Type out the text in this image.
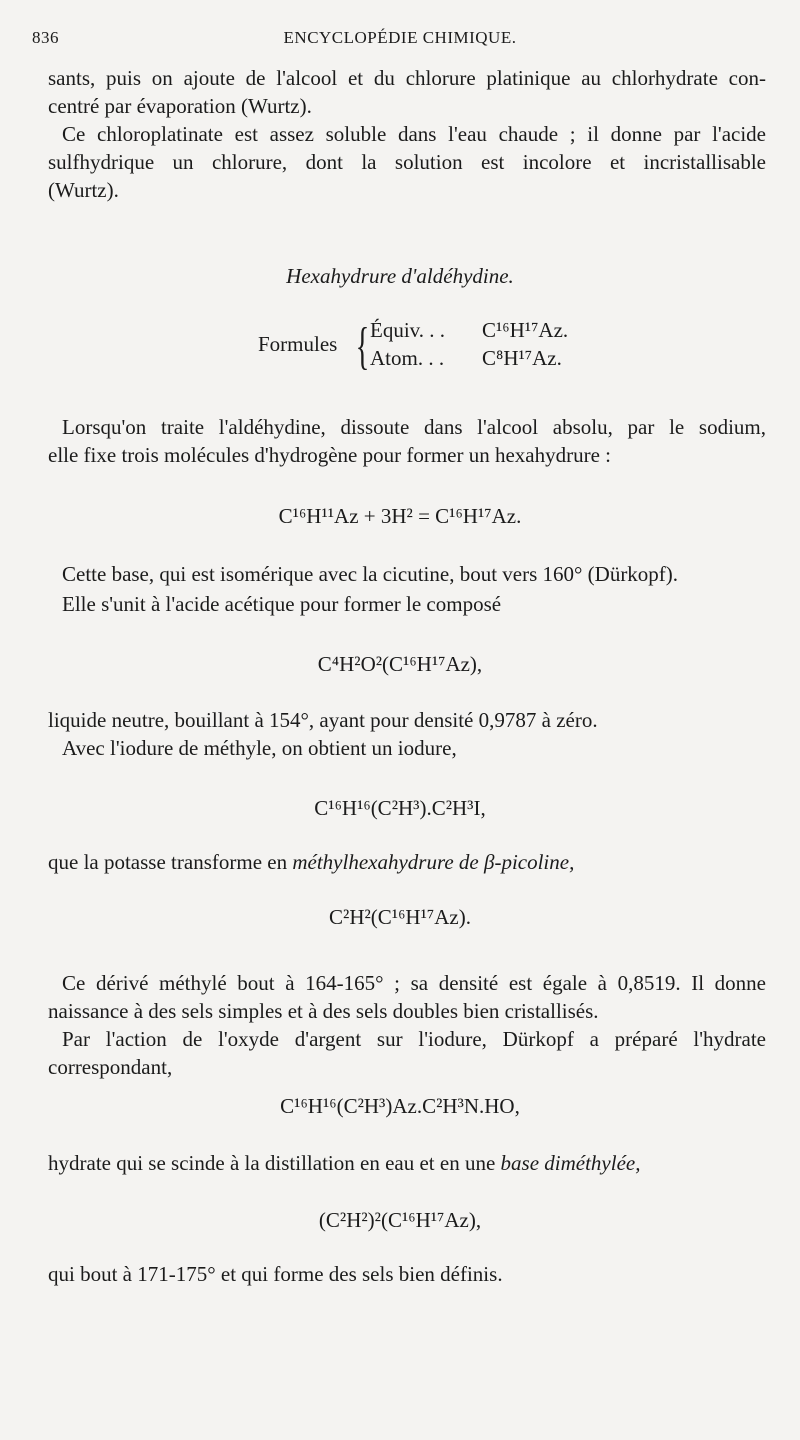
836	ENCYCLOPÉDIE CHIMIQUE.
sants, puis on ajoute de l'alcool et du chlorure platinique au chlorhydrate con-
centré par évaporation (Wurtz).
Ce chloroplatinate est assez soluble dans l'eau chaude ; il donne par l'acide
sulfhydrique un chlorure, dont la solution est incolore et incristallisable
(Wurtz).
Hexahydrure d'aldéhydine.
Formules { Équiv. . . C¹⁶H¹⁷Az.
Atom. . . C⁸H¹⁷Az.
Lorsqu'on traite l'aldéhydine, dissoute dans l'alcool absolu, par le sodium,
elle fixe trois molécules d'hydrogène pour former un hexahydrure :
C¹⁶H¹¹Az + 3H² = C¹⁶H¹⁷Az.
Cette base, qui est isomérique avec la cicutine, bout vers 160° (Dürkopf).
Elle s'unit à l'acide acétique pour former le composé
C⁴H²O²(C¹⁶H¹⁷Az),
liquide neutre, bouillant à 154°, ayant pour densité 0,9787 à zéro.
Avec l'iodure de méthyle, on obtient un iodure,
C¹⁶H¹⁶(C²H³).C²H³I,
que la potasse transforme en méthylhexahydrure de β-picoline,
C²H²(C¹⁶H¹⁷Az).
Ce dérivé méthylé bout à 164-165° ; sa densité est égale à 0,8519. Il donne
naissance à des sels simples et à des sels doubles bien cristallisés.
Par l'action de l'oxyde d'argent sur l'iodure, Dürkopf a préparé l'hydrate
correspondant,
C¹⁶H¹⁶(C²H³)Az.C²H³N.HO,
hydrate qui se scinde à la distillation en eau et en une base diméthylée,
(C²H²)²(C¹⁶H¹⁷Az),
qui bout à 171-175° et qui forme des sels bien définis.
